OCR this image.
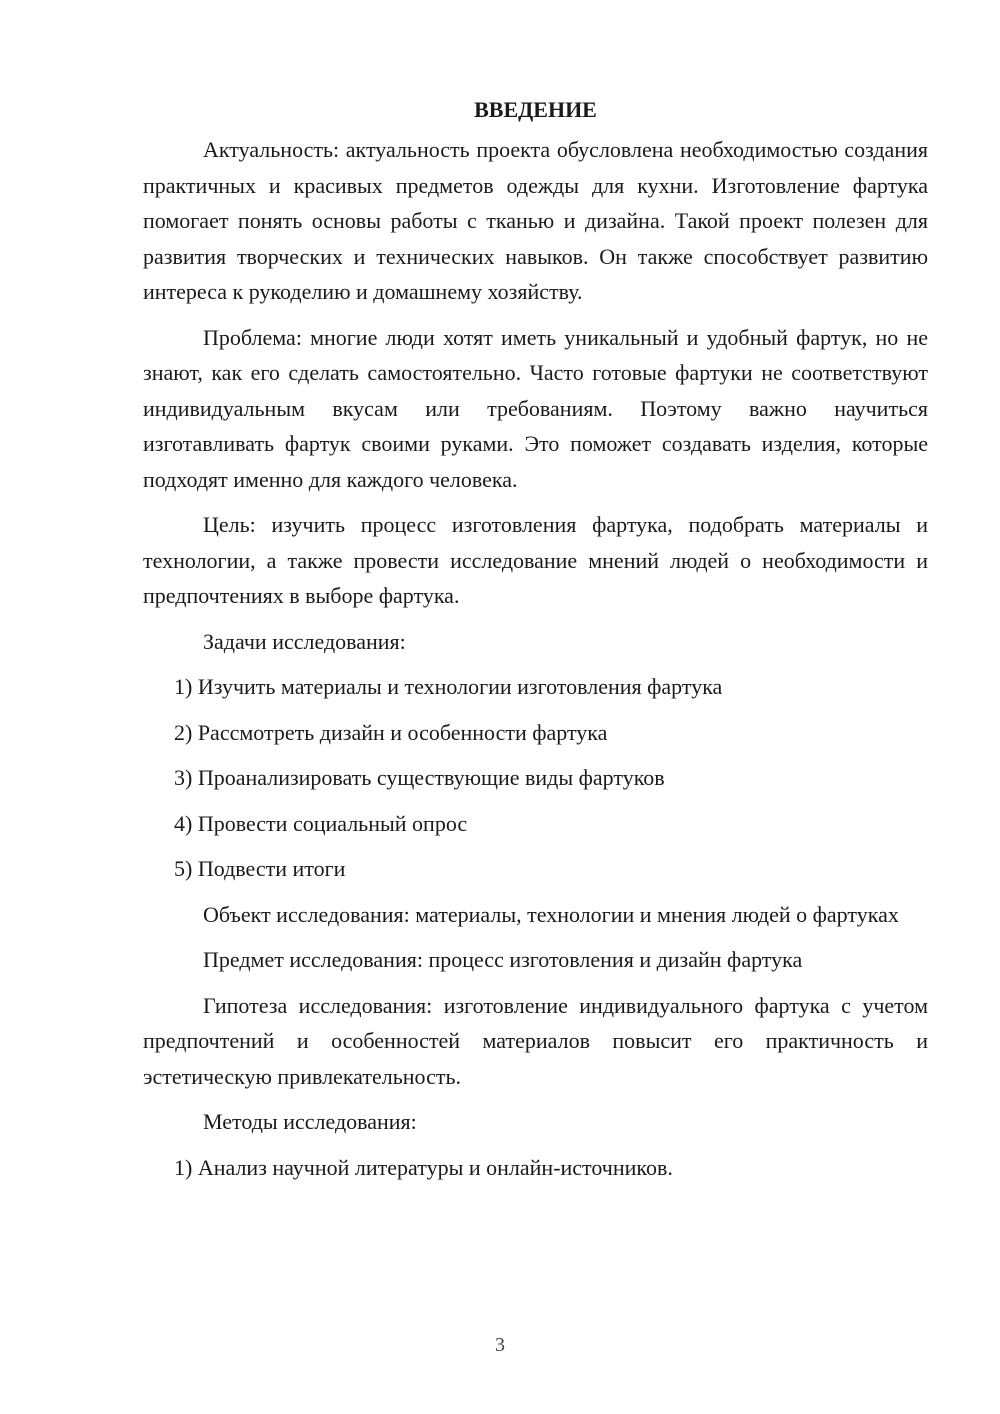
ВВЕДЕНИЕ

Актуальность: актуальность проекта обусловлена необходимостью создания практичных и красивых предметов одежды для кухни. Изготовление фартука помогает понять основы работы с тканью и дизайна. Такой проект полезен для развития творческих и технических навыков. Он также способствует развитию интереса к рукоделию и домашнему хозяйству.

Проблема: многие люди хотят иметь уникальный и удобный фартук, но не знают, как его сделать самостоятельно. Часто готовые фартуки не соответствуют индивидуальным вкусам или требованиям. Поэтому важно научиться изготавливать фартук своими руками. Это поможет создавать изделия, которые подходят именно для каждого человека.

Цель: изучить процесс изготовления фартука, подобрать материалы и технологии, а также провести исследование мнений людей о необходимости и предпочтениях в выборе фартука.

Задачи исследования:

1) Изучить материалы и технологии изготовления фартука

2) Рассмотреть дизайн и особенности фартука

3) Проанализировать существующие виды фартуков

4) Провести социальный опрос

5) Подвести итоги

Объект исследования: материалы, технологии и мнения людей о фартуках

Предмет исследования: процесс изготовления и дизайн фартука

Гипотеза исследования: изготовление индивидуального фартука с учетом предпочтений и особенностей материалов повысит его практичность и эстетическую привлекательность.

Методы исследования:

1) Анализ научной литературы и онлайн-источников.

3
